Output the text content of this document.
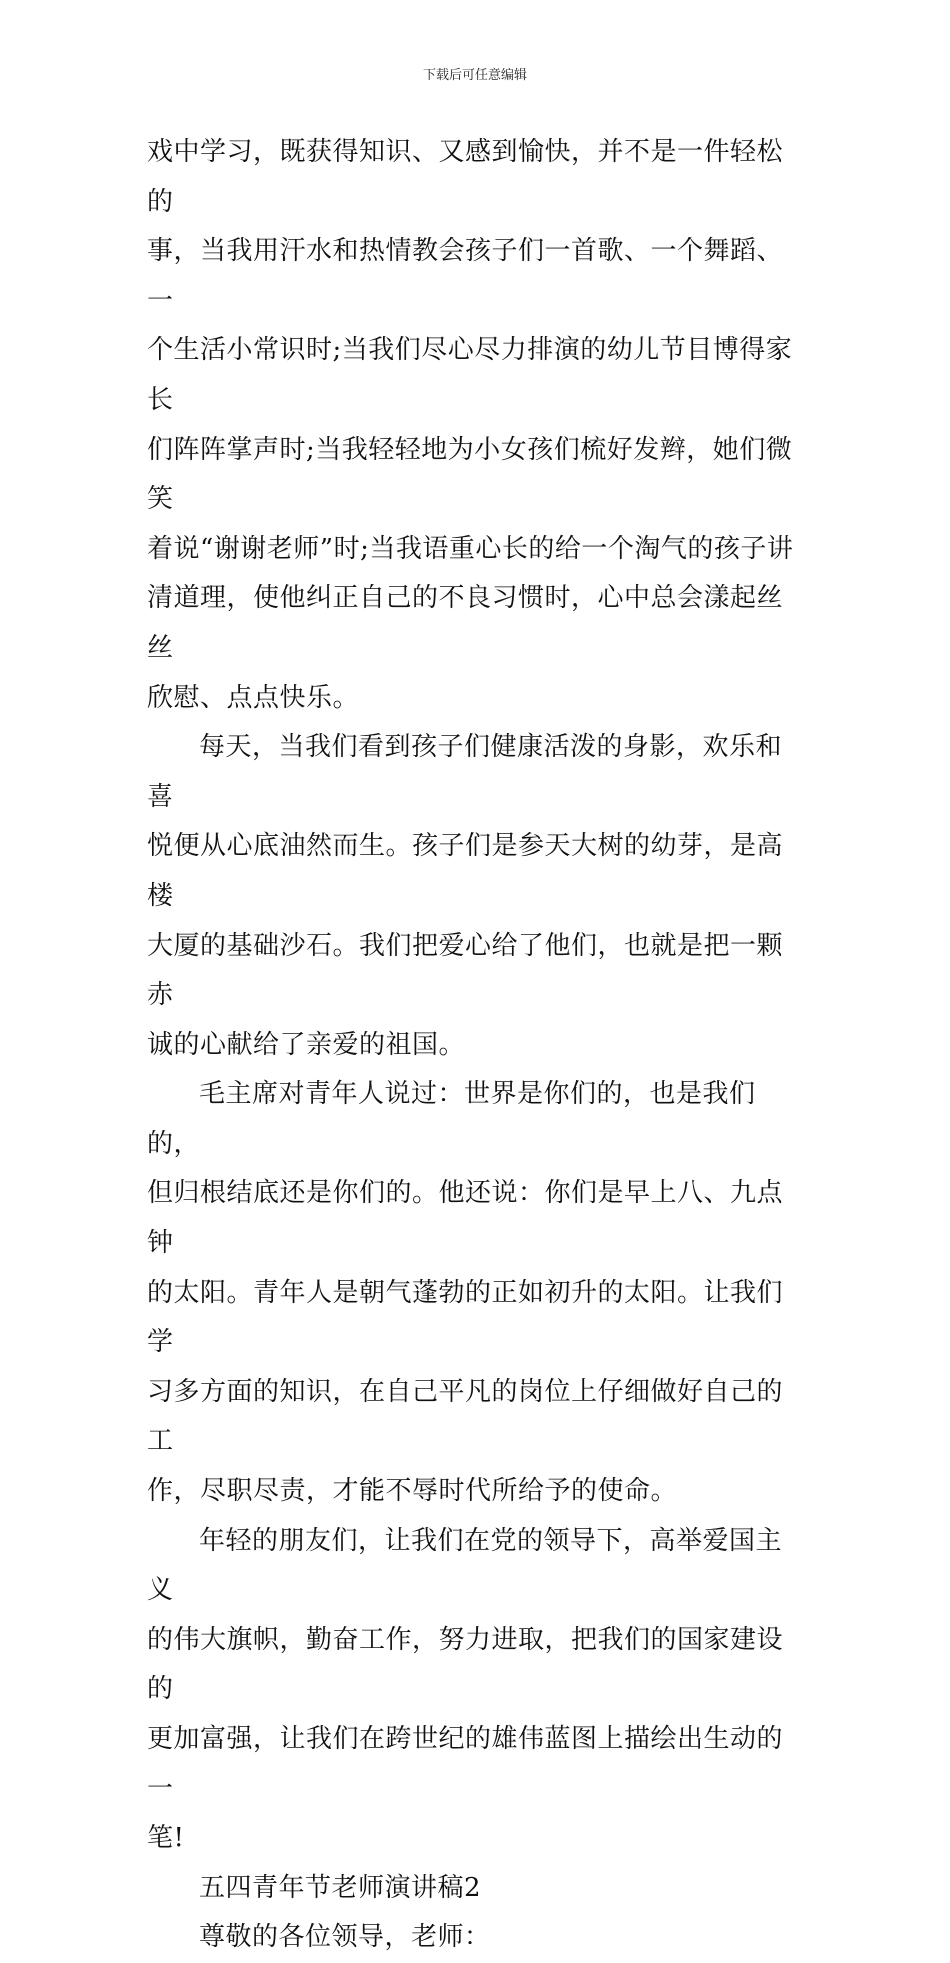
下载后可任意编辑

戏中学习，既获得知识、又感到愉快，并不是一件轻松的
事，当我用汗水和热情教会孩子们一首歌、一个舞蹈、一
个生活小常识时;当我们尽心尽力排演的幼儿节目博得家长
们阵阵掌声时;当我轻轻地为小女孩们梳好发辫，她们微笑
着说“谢谢老师”时;当我语重心长的给一个淘气的孩子讲
清道理，使他纠正自己的不良习惯时，心中总会漾起丝丝
欣慰、点点快乐。

每天，当我们看到孩子们健康活泼的身影，欢乐和喜
悦便从心底油然而生。孩子们是参天大树的幼芽，是高楼
大厦的基础沙石。我们把爱心给了他们，也就是把一颗赤
诚的心献给了亲爱的祖国。

毛主席对青年人说过：世界是你们的，也是我们的，
但归根结底还是你们的。他还说：你们是早上八、九点钟
的太阳。青年人是朝气蓬勃的正如初升的太阳。让我们学
习多方面的知识，在自己平凡的岗位上仔细做好自己的工
作，尽职尽责，才能不辱时代所给予的使命。

年轻的朋友们，让我们在党的领导下，高举爱国主义
的伟大旗帜，勤奋工作，努力进取，把我们的国家建设的
更加富强，让我们在跨世纪的雄伟蓝图上描绘出生动的一
笔!

五四青年节老师演讲稿2

尊敬的各位领导，老师：
